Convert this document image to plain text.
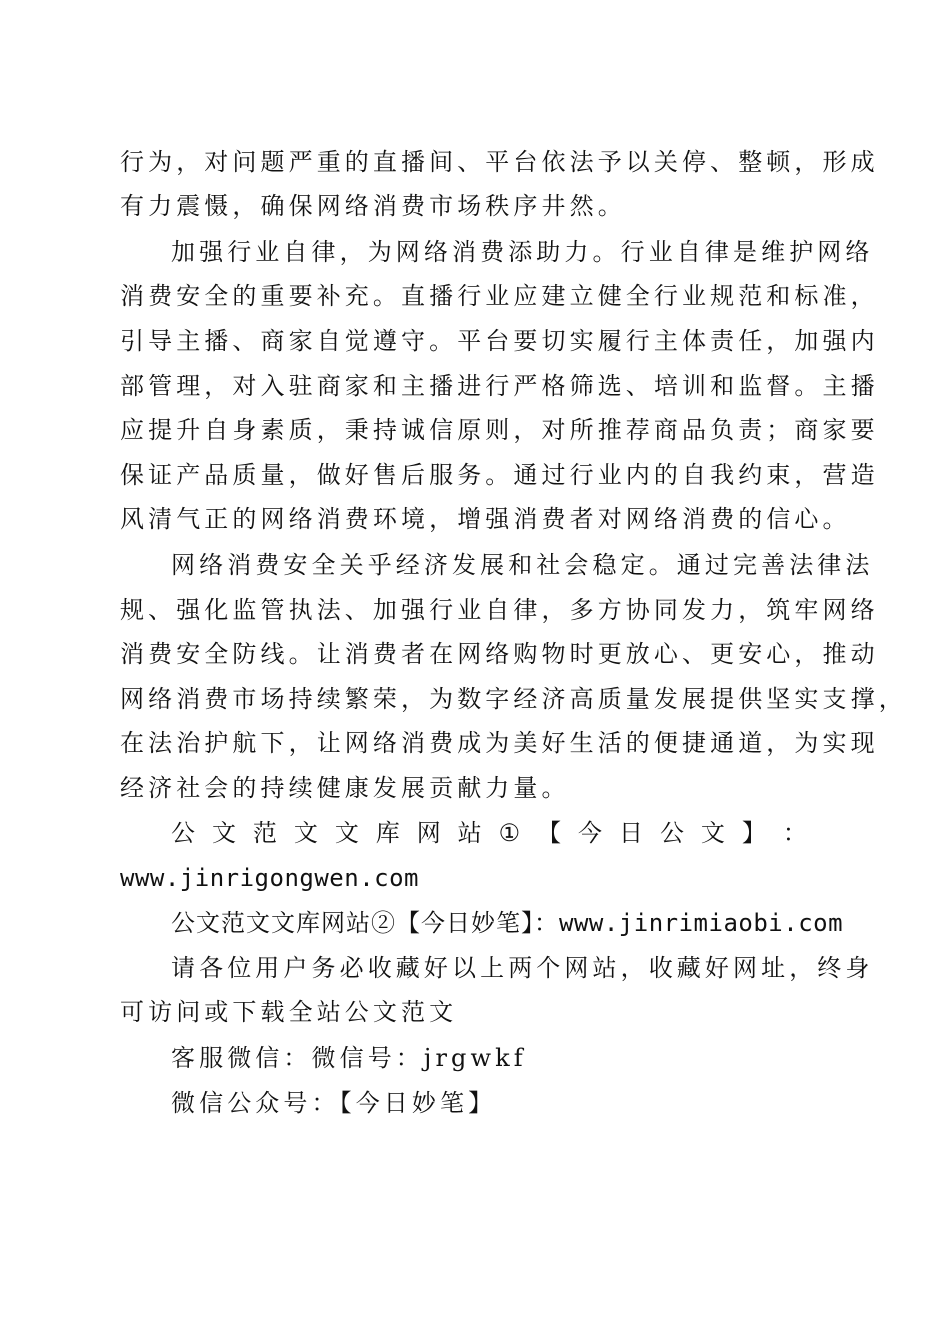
行为，对问题严重的直播间、平台依法予以关停、整顿，形成
有力震慑，确保网络消费市场秩序井然。
加强行业自律，为网络消费添助力。行业自律是维护网络
消费安全的重要补充。直播行业应建立健全行业规范和标准，
引导主播、商家自觉遵守。平台要切实履行主体责任，加强内
部管理，对入驻商家和主播进行严格筛选、培训和监督。主播
应提升自身素质，秉持诚信原则，对所推荐商品负责；商家要
保证产品质量，做好售后服务。通过行业内的自我约束，营造
风清气正的网络消费环境，增强消费者对网络消费的信心。
网络消费安全关乎经济发展和社会稳定。通过完善法律法
规、强化监管执法、加强行业自律，多方协同发力，筑牢网络
消费安全防线。让消费者在网络购物时更放心、更安心，推动
网络消费市场持续繁荣，为数字经济高质量发展提供坚实支撑，
在法治护航下，让网络消费成为美好生活的便捷通道，为实现
经济社会的持续健康发展贡献力量。
公 文 范 文 文 库 网 站 ① 【 今 日 公 文 】 ：
www.jinrigongwen.com
公文范文文库网站②【今日妙笔】：www.jinrimiaobi.com
请各位用户务必收藏好以上两个网站，收藏好网址，终身
可访问或下载全站公文范文
客服微信：微信号：jrgwkf
微信公众号：【今日妙笔】
